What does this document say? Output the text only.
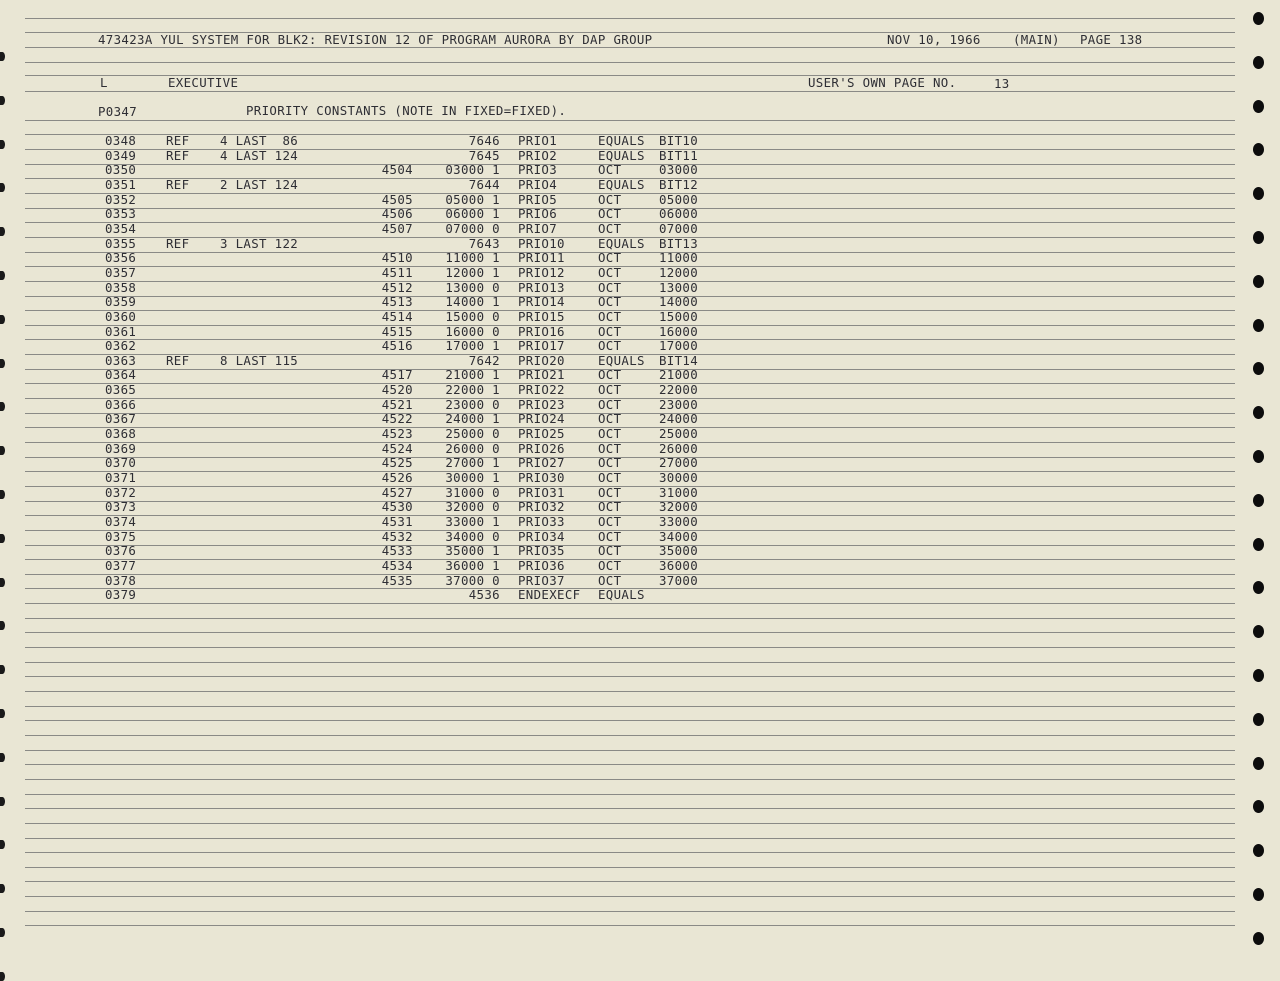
473423A YUL SYSTEM FOR BLK2: REVISION 12 OF PROGRAM AURORA BY DAP GROUP	NOV 10, 1966	(MAIN) PAGE 138
L	EXECUTIVE	USER'S OWN PAGE NO.	13
P0347	PRIORITY CONSTANTS (NOTE IN FIXED=FIXED).
0348 REF 4 LAST  86	7646 PRIO1	EQUALS BIT10
0349 REF 4 LAST 124	7645 PRIO2	EQUALS BIT11
0350	4504	03000 1 PRIO3	OCT	03000
0351 REF 2 LAST 124	7644 PRIO4	EQUALS BIT12
0352	4505	05000 1 PRIO5	OCT	05000
0353	4506	06000 1 PRIO6	OCT	06000
0354	4507	07000 0 PRIO7	OCT	07000
0355 REF 3 LAST 122	7643 PRIO10	EQUALS BIT13
0356	4510	11000 1 PRIO11	OCT	11000
0357	4511	12000 1 PRIO12	OCT	12000
0358	4512	13000 0 PRIO13	OCT	13000
0359	4513	14000 1 PRIO14	OCT	14000
0360	4514	15000 0 PRIO15	OCT	15000
0361	4515	16000 0 PRIO16	OCT	16000
0362	4516	17000 1 PRIO17	OCT	17000
0363 REF 8 LAST 115	7642 PRIO20	EQUALS BIT14
0364	4517	21000 1 PRIO21	OCT	21000
0365	4520	22000 1 PRIO22	OCT	22000
0366	4521	23000 0 PRIO23	OCT	23000
0367	4522	24000 1 PRIO24	OCT	24000
0368	4523	25000 0 PRIO25	OCT	25000
0369	4524	26000 0 PRIO26	OCT	26000
0370	4525	27000 1 PRIO27	OCT	27000
0371	4526	30000 1 PRIO30	OCT	30000
0372	4527	31000 0 PRIO31	OCT	31000
0373	4530	32000 0 PRIO32	OCT	32000
0374	4531	33000 1 PRIO33	OCT	33000
0375	4532	34000 0 PRIO34	OCT	34000
0376	4533	35000 1 PRIO35	OCT	35000
0377	4534	36000 1 PRIO36	OCT	36000
0378	4535	37000 0 PRIO37	OCT	37000
0379	4536 ENDEXECF EQUALS
